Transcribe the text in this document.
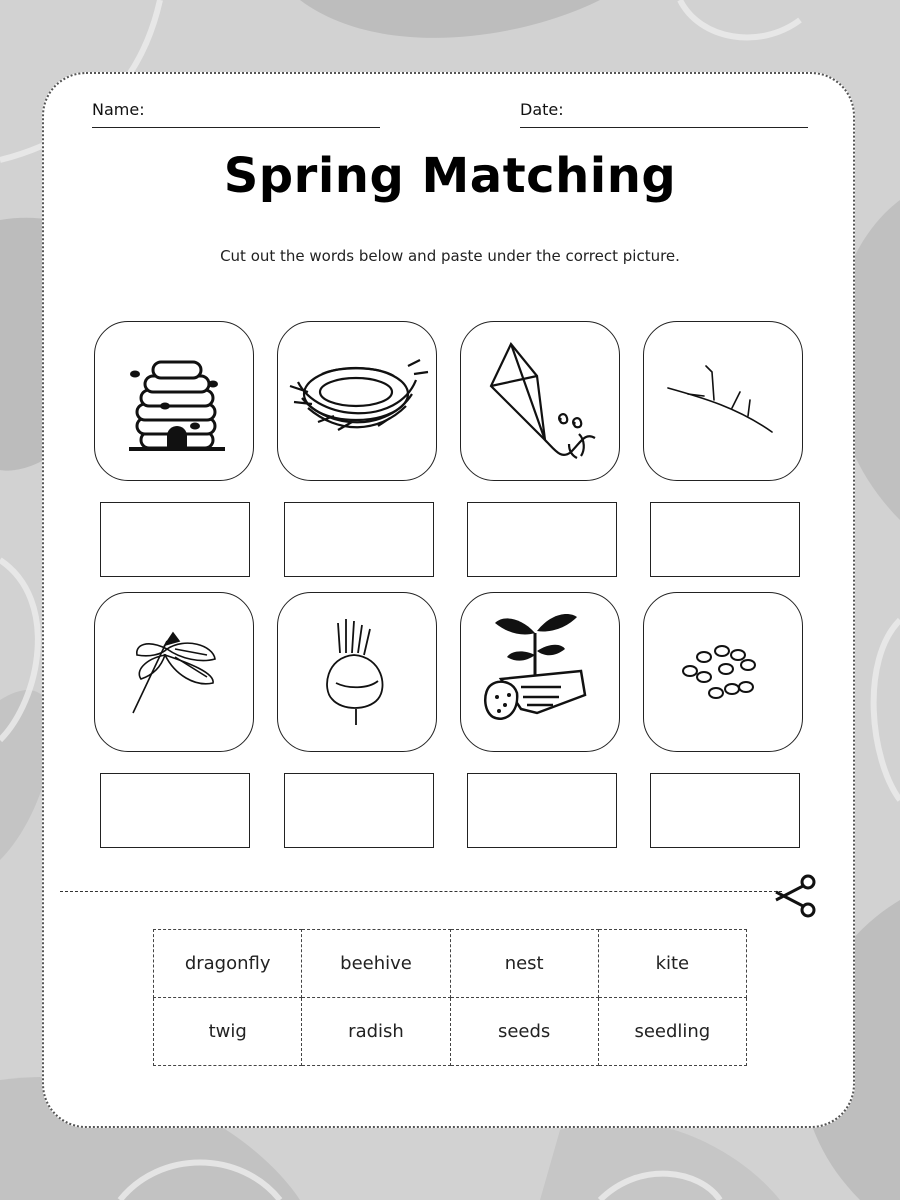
Name:	Date:
Spring Matching
Cut out the words below and paste under the correct picture.
dragonfly	beehive	nest	kite
twig	radish	seeds	seedling
